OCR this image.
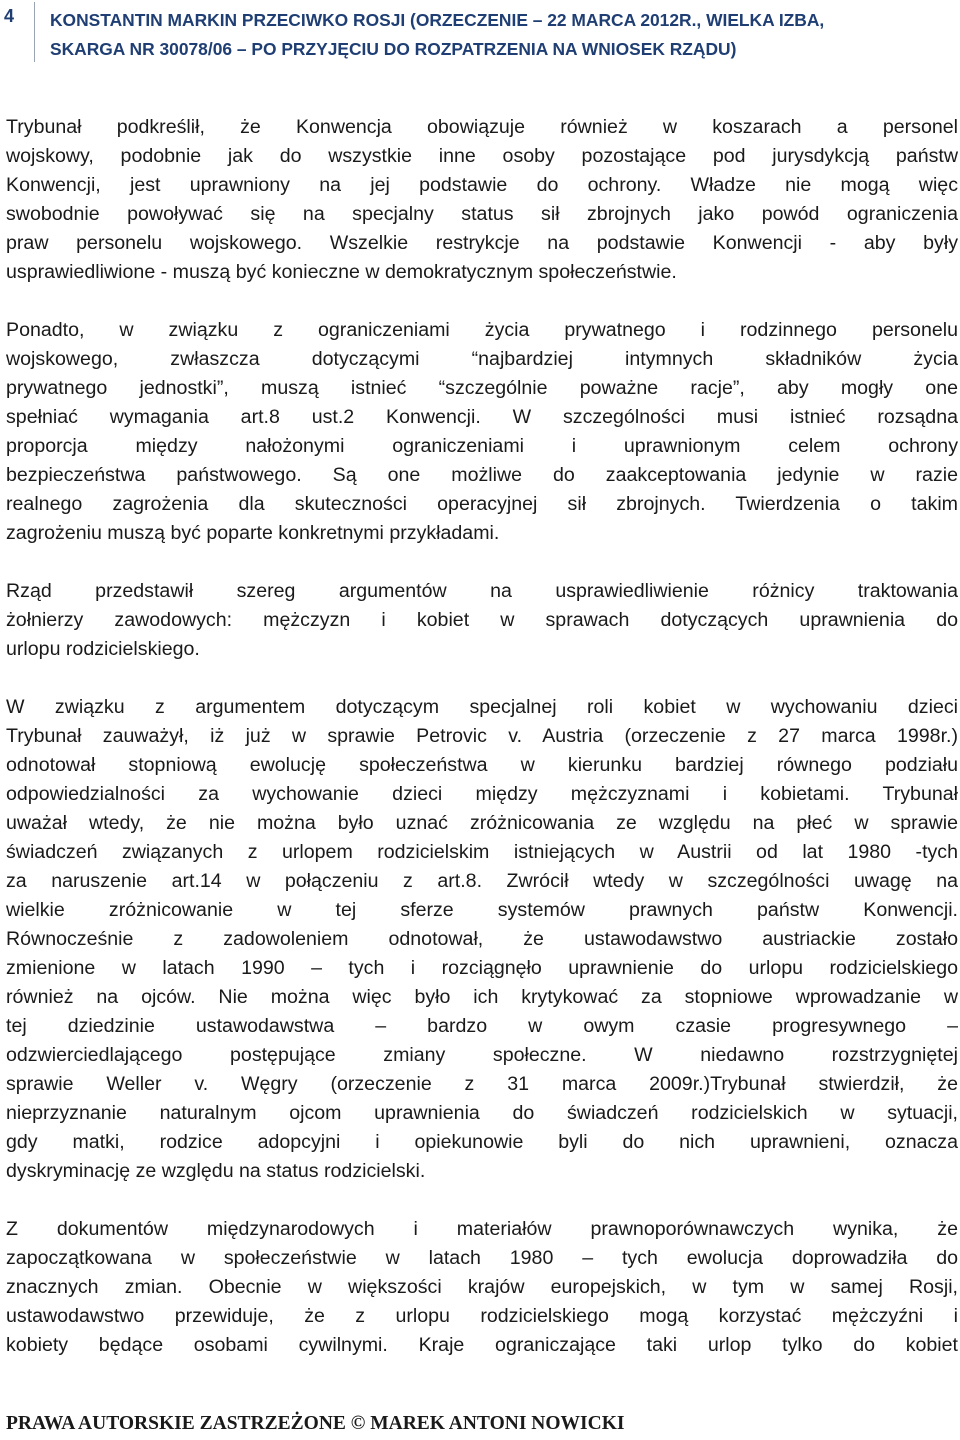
4 KONSTANTIN MARKIN PRZECIWKO ROSJI (ORZECZENIE – 22 MARCA 2012R., WIELKA IZBA,
SKARGA NR 30078/06 – PO PRZYJĘCIU DO ROZPATRZENIA NA WNIOSEK RZĄDU)

Trybunał podkreślił, że Konwencja obowiązuje również w koszarach a personel
wojskowy, podobnie jak do wszystkie inne osoby pozostające pod jurysdykcją państw
Konwencji, jest uprawniony na jej podstawie do ochrony. Władze nie mogą więc
swobodnie powoływać się na specjalny status sił zbrojnych jako powód ograniczenia
praw personelu wojskowego. Wszelkie restrykcje na podstawie Konwencji - aby były
usprawiedliwione - muszą być konieczne w demokratycznym społeczeństwie.

Ponadto, w związku z ograniczeniami życia prywatnego i rodzinnego personelu
wojskowego, zwłaszcza dotyczącymi “najbardziej intymnych składników życia
prywatnego jednostki”, muszą istnieć “szczególnie poważne racje”, aby mogły one
spełniać wymagania art.8 ust.2 Konwencji. W szczególności musi istnieć rozsądna
proporcja między nałożonymi ograniczeniami i uprawnionym celem ochrony
bezpieczeństwa państwowego. Są one możliwe do zaakceptowania jedynie w razie
realnego zagrożenia dla skuteczności operacyjnej sił zbrojnych. Twierdzenia o takim
zagrożeniu muszą być poparte konkretnymi przykładami.

Rząd przedstawił szereg argumentów na usprawiedliwienie różnicy traktowania
żołnierzy zawodowych: mężczyzn i kobiet w sprawach dotyczących uprawnienia do
urlopu rodzicielskiego.

W związku z argumentem dotyczącym specjalnej roli kobiet w wychowaniu dzieci
Trybunał zauważył, iż już w sprawie Petrovic v. Austria (orzeczenie z 27 marca 1998r.)
odnotował stopniową ewolucję społeczeństwa w kierunku bardziej równego podziału
odpowiedzialności za wychowanie dzieci między mężczyznami i kobietami. Trybunał
uważał wtedy, że nie można było uznać zróżnicowania ze względu na płeć w sprawie
świadczeń związanych z urlopem rodzicielskim istniejących w Austrii od lat 1980 -tych
za naruszenie art.14 w połączeniu z art.8. Zwrócił wtedy w szczególności uwagę na
wielkie zróżnicowanie w tej sferze systemów prawnych państw Konwencji.
Równocześnie z zadowoleniem odnotował, że ustawodawstwo austriackie zostało
zmienione w latach 1990 – tych i rozciągnęło uprawnienie do urlopu rodzicielskiego
również na ojców. Nie można więc było ich krytykować za stopniowe wprowadzanie w
tej dziedzinie ustawodawstwa – bardzo w owym czasie progresywnego –
odzwierciedlającego postępujące zmiany społeczne. W niedawno rozstrzygniętej
sprawie Weller v. Węgry (orzeczenie z 31 marca 2009r.)Trybunał stwierdził, że
nieprzyznanie naturalnym ojcom uprawnienia do świadczeń rodzicielskich w sytuacji,
gdy matki, rodzice adopcyjni i opiekunowie byli do nich uprawnieni, oznacza
dyskryminację ze względu na status rodzicielski.

Z dokumentów międzynarodowych i materiałów prawnoporównawczych wynika, że
zapoczątkowana w społeczeństwie w latach 1980 – tych ewolucja doprowadziła do
znacznych zmian. Obecnie w większości krajów europejskich, w tym w samej Rosji,
ustawodawstwo przewiduje, że z urlopu rodzicielskiego mogą korzystać mężczyźni i
kobiety będące osobami cywilnymi. Kraje ograniczające taki urlop tylko do kobiet

PRAWA AUTORSKIE ZASTRZEŻONE © MAREK ANTONI NOWICKI
